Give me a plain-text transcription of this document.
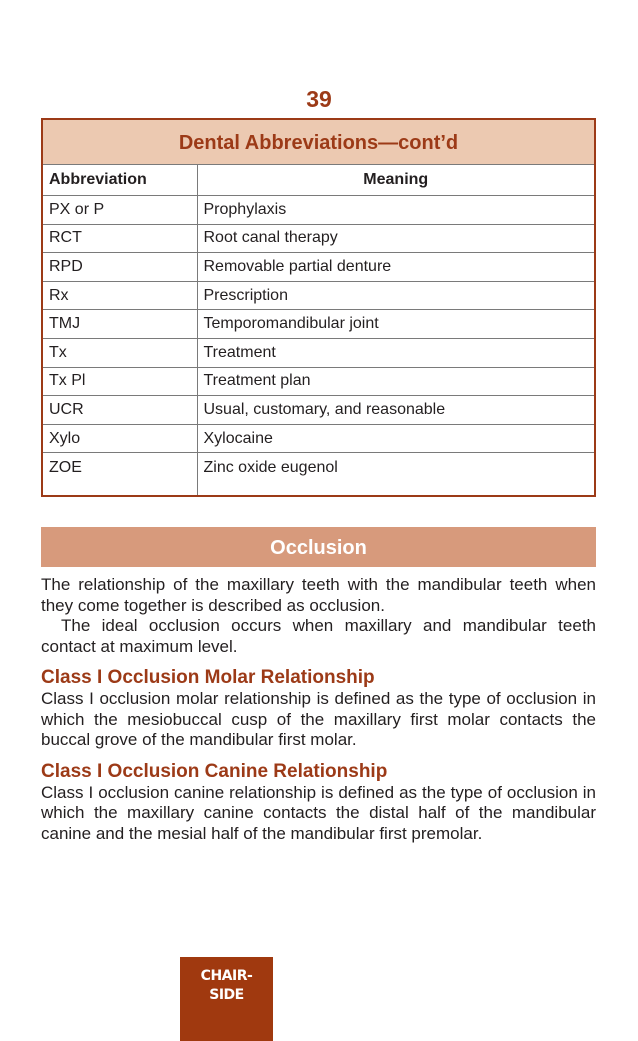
39
Dental Abbreviations—cont’d
Abbreviation	Meaning
PX or P	Prophylaxis
RCT	Root canal therapy
RPD	Removable partial denture
Rx	Prescription
TMJ	Temporomandibular joint
Tx	Treatment
Tx Pl	Treatment plan
UCR	Usual, customary, and reasonable
Xylo	Xylocaine
ZOE	Zinc oxide eugenol
Occlusion

The relationship of the maxillary teeth with the mandibular teeth when they come together is described as occlusion.

The ideal occlusion occurs when maxillary and mandibular teeth contact at maximum level.

Class I Occlusion Molar Relationship

Class I occlusion molar relationship is defined as the type of occlusion in which the mesiobuccal cusp of the maxillary first molar contacts the buccal grove of the mandibular first molar.

Class I Occlusion Canine Relationship

Class I occlusion canine relationship is defined as the type of occlusion in which the maxillary canine contacts the distal half of the mandibular canine and the mesial half of the mandibular first premolar.

CHAIR-
SIDE
